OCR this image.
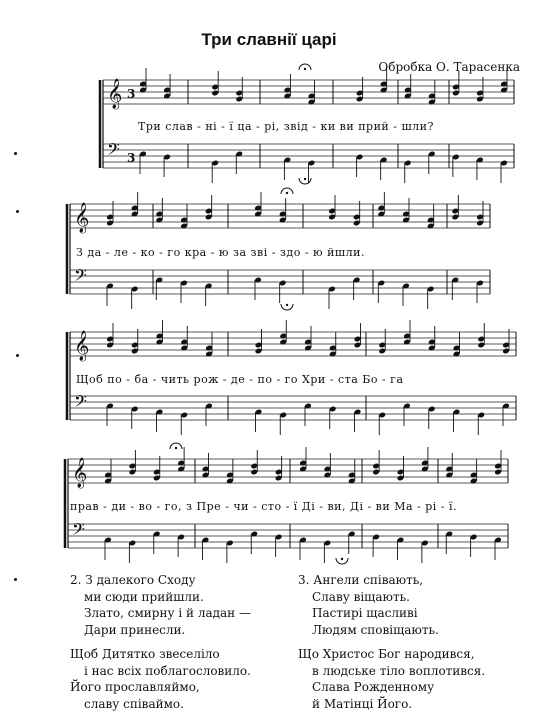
Три славнії царі
Обробка О. Тарасенка
𝄞 3 
𝄢 3 
𝄞
𝄢
𝄞
𝄢
𝄞
𝄢
Три слав - ні - ї ца - рі, звід - ки ви прий - шли?
З да - ле - ко - го кра - ю за зві - здо - ю йшли.
Щоб по - ба - чить рож - де - по - го Хри - ста Бо - га
прав - ди - во - го, з Пре - чи - сто - ї Ді - ви, Ді - ви Ма - рі - ї.
2. З далекого Сходу
ми сюди прийшли.
Злато, смирну і й ладан —
Дари принесли.
Щоб Дитятко звеселіло
і нас всіх поблагословило.
Його прославляймо,
славу співаймо.
3. Ангели співають,
Славу віщають.
Пастирі щасливі
Людям сповіщають.
Що Христос Бог народився,
в людське тіло воплотився.
Слава Рожденному
й Матінці Його.
